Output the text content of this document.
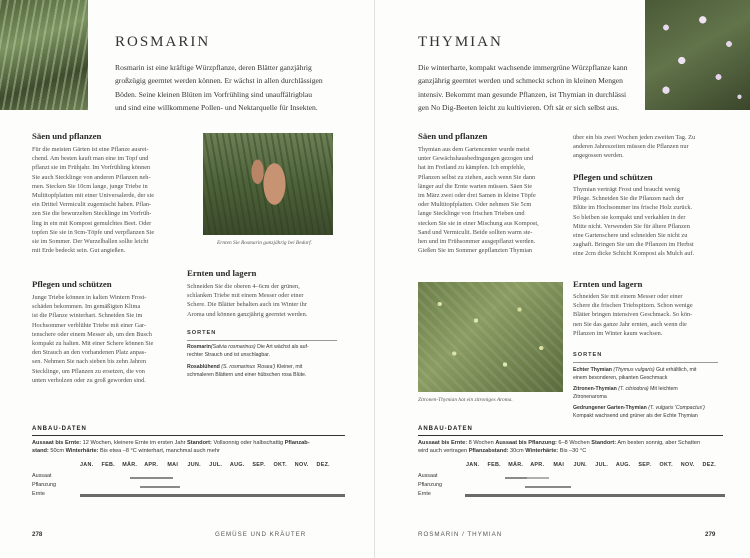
ROSMARIN
Rosmarin ist eine kräftige Würzpflanze, deren Blätter ganzjährig
großzügig geerntet werden können. Er wächst in allen durchlässigen
Böden. Seine kleinen Blüten im Vorfrühling sind unauffälrigblau
und sind eine willkommene Pollen- und Nektarquelle für Insekten.
Säen und pflanzen
Für die meisten Gärten ist eine Pflanze ausrei-
chend. Am besten kauft man eine im Topf und
pflanzt sie im Frühjahr. Im Vorfrühling können
Sie auch Stecklinge von anderen Pflanzen neh-
men. Stecken Sie 10cm lange, junge Triebe in
Multitopfplatten mit einer Universalerde, der sie
ein Drittel Vermiculit zugemischt haben. Pflan-
zen Sie die bewurzelten Stecklinge im Vorfrüh-
ling in ein mit Kompost gemulchtes Beet. Oder
topfen Sie sie in 9cm-Töpfe und verpflanzen Sie
sie im Sommer. Der Wurzelballen sollte leicht
mit Erde bedeckt sein. Gut angießen.
Pflegen und schützen
Junge Triebe können in kalten Wintern Frost-
schäden bekommen. Im gemäßigten Klima
ist die Pflanze winterhart. Schneiden Sie im
Hochsommer verblühte Triebe mit einer Gar-
tenschere oder einem Messer ab, um den Busch
kompakt zu halten. Mit einer Schere können Sie
den Strauch an den vorhandenen Platz anpas-
sen. Nehmen Sie nach sieben bis zehn Jahren
Stecklinge, um Pflanzen zu ersetzen, die von
unten verholzen oder zu groß geworden sind.
Ernten Sie Rosmarin ganzjährig bei Bedarf.
Ernten und lagern
Schneiden Sie die oberen 4–6cm der grünen,
schlanken Triebe mit einem Messer oder einer
Schere. Die Blätter behalten auch im Winter ihr
Aroma und können ganzjährig geerntet werden.
SORTEN
Rosmarin(Salvia rosmarinus) Die Art wächst als auf-
rechter Strauch und ist unschlagbar.
Rosablühend (S. rosmarinus 'Rosea') Kleiner, mit
schmaleren Blättern und einer hübschen rosa Blüte.
ANBAU-DATEN
Aussaat bis Ernte: 12 Wochen, kleinere Ernte im ersten Jahr Standort: Vollsonnig oder halbschattig Pflanzab-
stand: 50cm Winterhärte: Bis etwa –8 °C winterhart, manchmal auch mehr
JAN.	FEB.	MÄR.	APR.	MAI	JUN.	JUL.	AUG.	SEP.	OKT.	NOV.	DEZ.
Aussaat
Pflanzung
Ernte
278	GEMÜSE UND KRÄUTER
THYMIAN
Die winterharte, kompakt wachsende immergrüne Würzpflanze kann
ganzjährig geerntet werden und schmeckt schon in kleinen Mengen
intensiv. Bekommt man gesunde Pflanzen, ist Thymian in durchlässi
gen No Dig-Beeten leicht zu kultivieren. Oft sät er sich selbst aus.
Säen und pflanzen
Thymian aus dem Gartencenter wurde meist
unter Gewächshausbedingungen gezogen und
hat im Freiland zu kämpfen. Ich empfehle,
Pflanzen selbst zu ziehen, auch wenn Sie dann
länger auf die Ernte warten müssen. Säen Sie
im März zwei oder drei Samen in kleine Töpfe
oder Multitopfplatten. Oder nehmen Sie 5cm
lange Stecklinge von frischen Trieben und
stecken Sie sie in einer Mischung aus Kompost,
Sand und Vermiculit. Beide sollten warm ste-
hen und im Frühsommer ausgepflanzt werden.
Gießen Sie im Sommer gepflanzten Thymian
Zitronen-Thymian hat ein zitroniges Aroma.
über ein bis zwei Wochen jeden zweiten Tag. Zu
anderen Jahreszeiten müssen die Pflanzen nur
angegossen werden.
Pflegen und schützen
Thymian verträgt Frost und braucht wenig
Pflege. Schneiden Sie die Pflanzen nach der
Blüte im Hochsommer ins frische Holz zurück.
So bleiben sie kompakt und verkahlen in der
Mitte nicht. Verwenden Sie für ältere Pflanzen
eine Gartenschere und schneiden Sie nicht zu
zaghaft. Bringen Sie um die Pflanzen im Herbst
eine 2cm dicke Schicht Kompost als Mulch auf.
Ernten und lagern
Schneiden Sie mit einem Messer oder einer
Schere die frischen Triebspitzen. Schon wenige
Blätter bringen intensiven Geschmack. So kön-
nen Sie das ganze Jahr ernten, auch wenn die
Pflanzen im Winter kaum wachsen.
SORTEN
Echter Thymian (Thymus vulgaris) Gut erhältlich, mit
einem besonderen, pikanten Geschmack
Zitronen-Thymian (T. citriodora) Mit leichtem
Zitronenaroma
Gedrungener Garten-Thymian (T. vulgaris 'Compactus')
Kompakt wachsend und grüner als der Echte Thymian
ANBAU-DATEN
Aussaat bis Ernte: 8 Wochen Aussaat bis Pflanzung: 6–8 Wochen Standort: Am besten sonnig, aber Schatten
wird auch vertragen Pflanzabstand: 30cm Winterhärte: Bis –30 °C
JAN.	FEB.	MÄR.	APR.	MAI	JUN.	JUL.	AUG.	SEP.	OKT.	NOV.	DEZ.
Aussaat
Pflanzung
Ernte
ROSMARIN / THYMIAN	279
